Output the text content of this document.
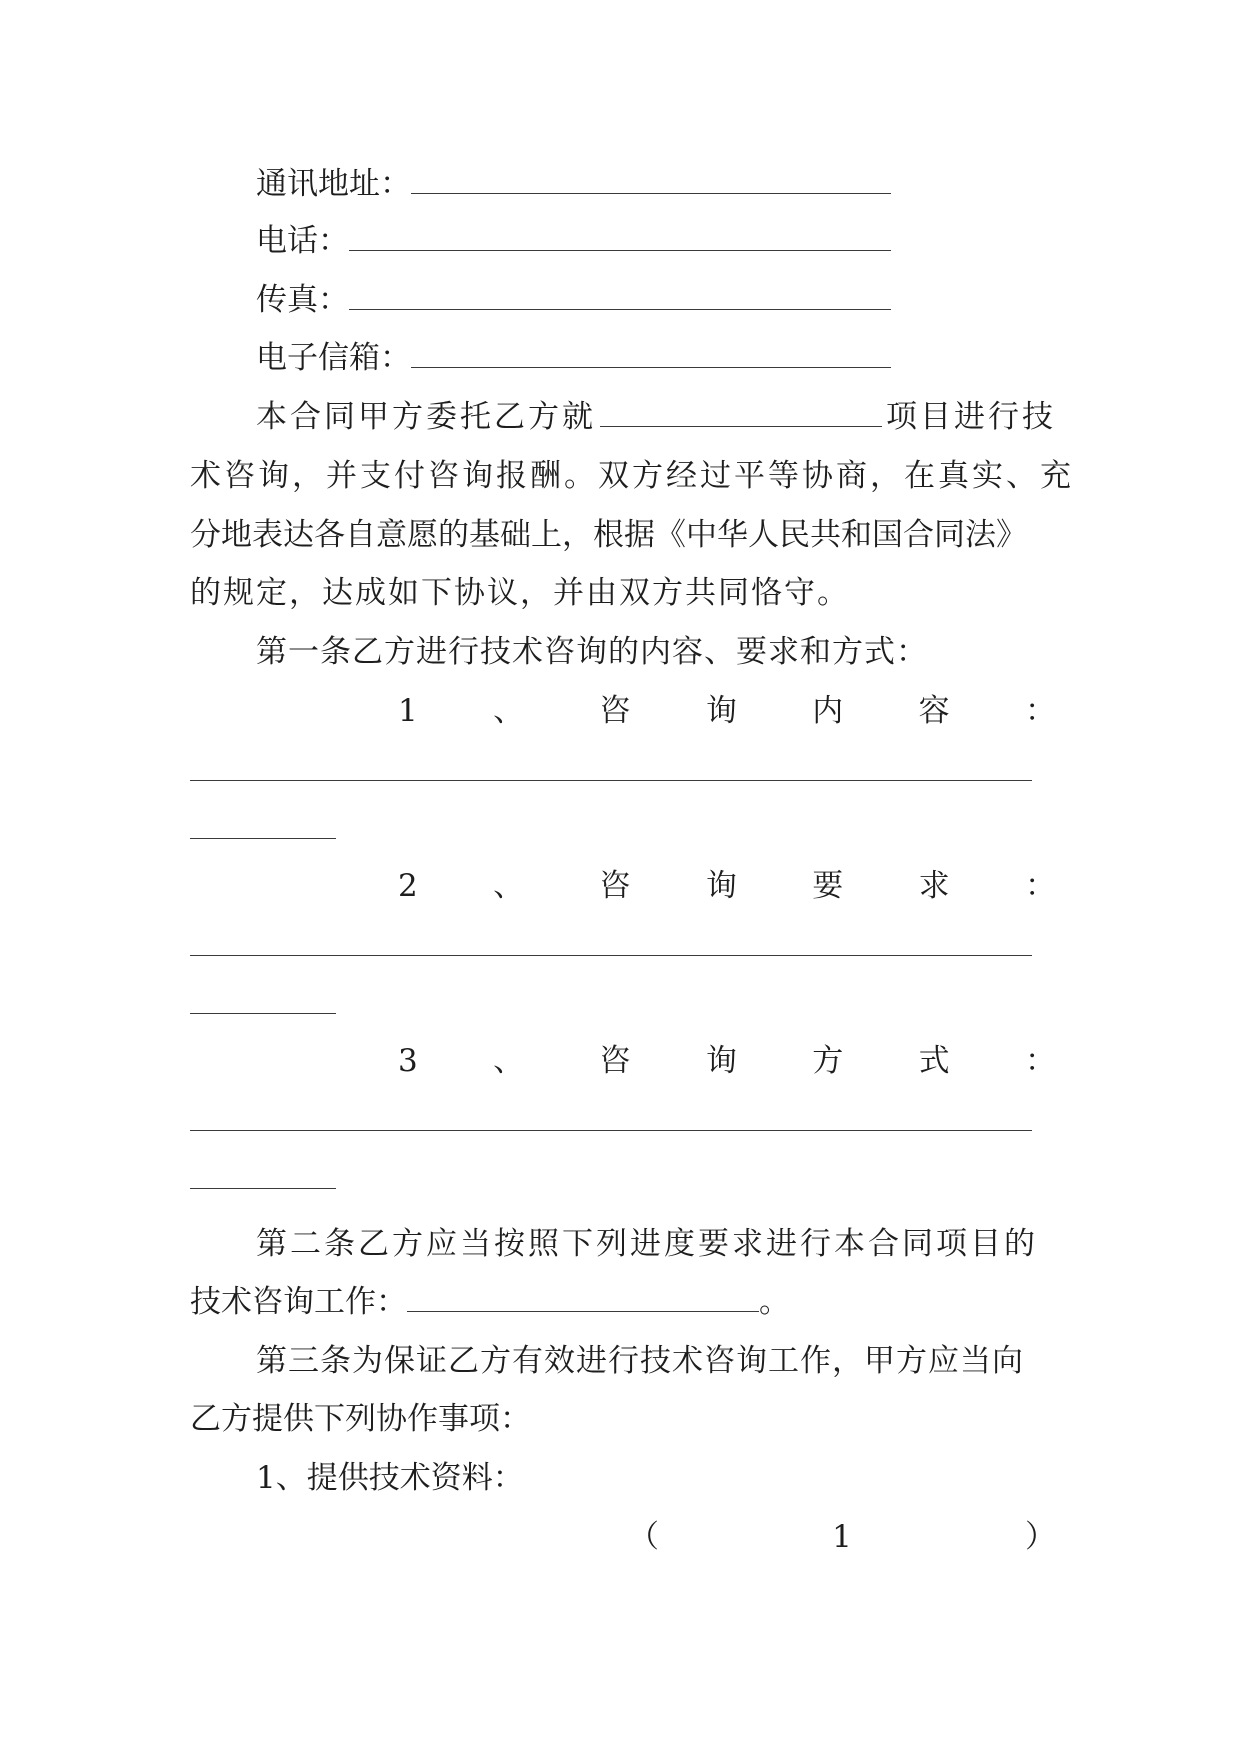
通讯地址：
电话：
传真：
电子信箱：
本合同甲方委托乙方就	项目进行技
术咨询，并支付咨询报酬。双方经过平等协商，在真实、充
分地表达各自意愿的基础上，根据《中华人民共和国合同法》
的规定，达成如下协议，并由双方共同恪守。
第一条乙方进行技术咨询的内容、要求和方式：
1 、 咨 询 内 容 ：
2 、 咨 询 要 求 ：
3 、 咨 询 方 式 ：
第二条乙方应当按照下列进度要求进行本合同项目的
技术咨询工作：	。
第三条为保证乙方有效进行技术咨询工作，甲方应当向
乙方提供下列协作事项：
1、提供技术资料：
（	1	）
